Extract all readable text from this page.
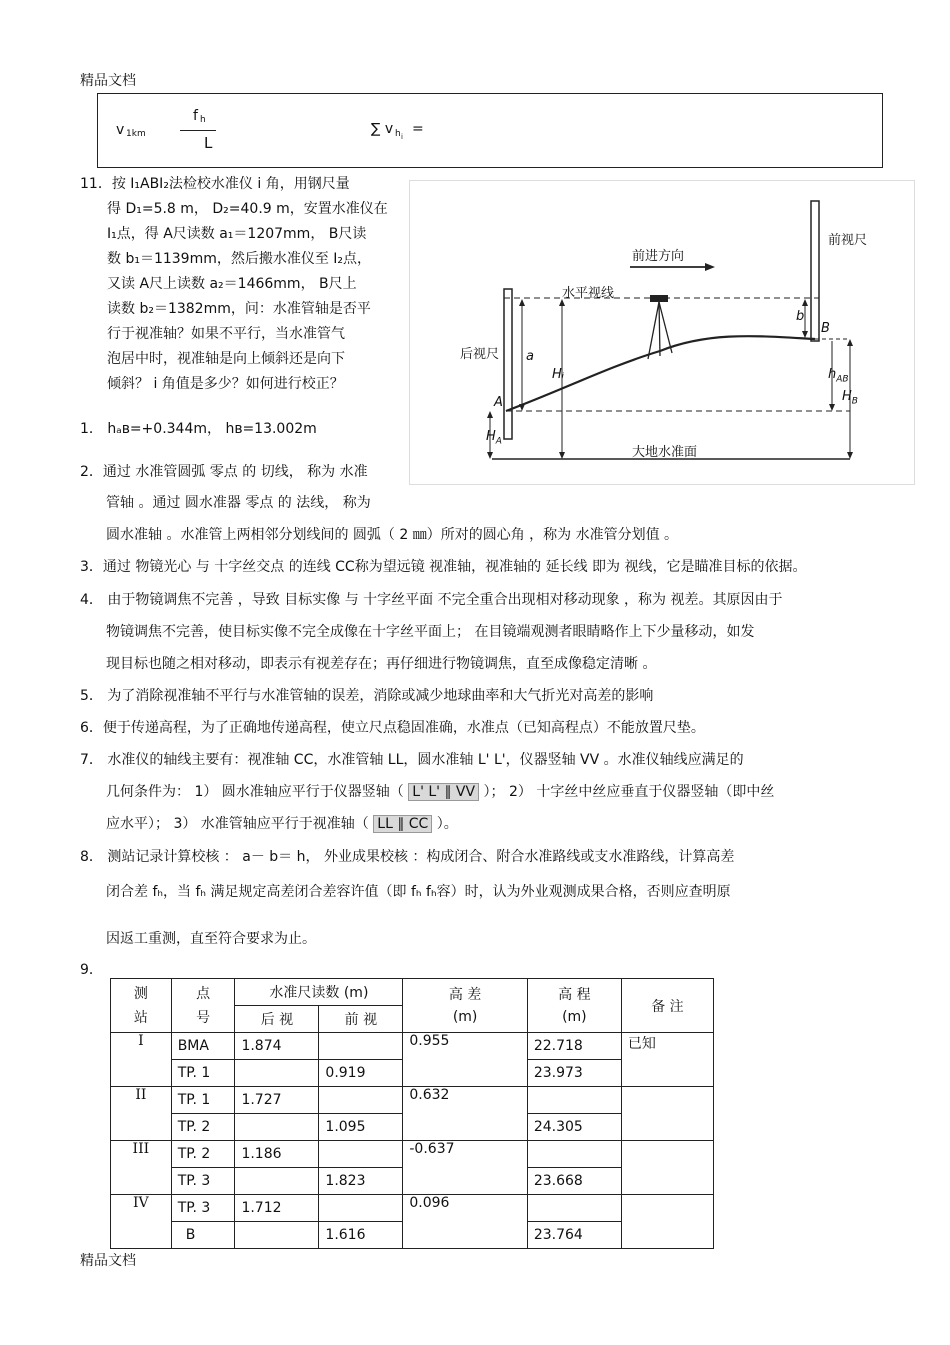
精品文档
v 1km
f h
L
∑ v h i =
11．按 I₁ABI₂法检校水准仪 i 角，用钢尺量
得 D₁=5.8 m， D₂=40.9 m，安置水准仪在
I₁点，得 A尺读数 a₁＝1207mm， B尺读
数 b₁＝1139mm，然后搬水准仪至 I₂点，
又读 A尺上读数 a₂＝1466mm， B尺上
读数 b₂＝1382mm，问：水准管轴是否平
行于视准轴？如果不平行，当水准管气
泡居中时，视准轴是向上倾斜还是向下
倾斜？ i 角值是多少？如何进行校正？
前进方向
水平视线
前视尺
后视尺 a
b
Hᵢ
A
B
$H_A$
$H_B$
$h_{AB}$
大地水准面
1． hₐʙ=+0.344m， hʙ=13.002m
2．通过 水准管圆弧 零点 的 切线， 称为 水准
管轴 。通过 圆水准器 零点 的 法线， 称为
圆水准轴 。水准管上两相邻分划线间的 圆弧（ 2 ㎜）所对的圆心角 ，称为 水准管分划值 。
3．通过 物镜光心 与 十字丝交点 的连线 CC称为望远镜 视准轴，视准轴的 延长线 即为 视线，它是瞄准目标的依据。
4． 由于物镜调焦不完善 ，导致 目标实像 与 十字丝平面 不完全重合出现相对移动现象 ，称为 视差。其原因由于
物镜调焦不完善，使目标实像不完全成像在十字丝平面上； 在目镜端观测者眼睛略作上下少量移动，如发
现目标也随之相对移动，即表示有视差存在；再仔细进行物镜调焦，直至成像稳定清晰 。
5． 为了消除视准轴不平行与水准管轴的误差，消除或减少地球曲率和大气折光对高差的影响
6．便于传递高程，为了正确地传递高程，使立尺点稳固准确，水准点（已知高程点）不能放置尺垫。
7． 水准仪的轴线主要有：视准轴 CC，水准管轴 LL，圆水准轴 L' L'，仪器竖轴 VV 。水准仪轴线应满足的
几何条件为： 1） 圆水准轴应平行于仪器竖轴（ L' L' ∥ VV ）； 2） 十字丝中丝应垂直于仪器竖轴（即中丝
应水平）； 3） 水准管轴应平行于视准轴（ LL ∥ CC ）。
8． 测站记录计算校核 ： a－ b＝ h， 外业成果校核 ：构成闭合、附合水准路线或支水准路线，计算高差
闭合差 fₕ，当 fₕ 满足规定高差闭合差容许值（即 fₕ fₕ容）时，认为外业观测成果合格，否则应查明原
因返工重测，直至符合要求为止。
9．
测
站	点
号	水准尺读数 (m)		高 差
(m)	高 程
(m)	备 注
		后 视	前 视			
I	BMA	1.874		0.955	22.718	已知
	TP. 1		0.919		23.973	
II	TP. 1	1.727		0.632		
	TP. 2		1.095		24.305	
III	TP. 2	1.186		-0.637		
	TP. 3		1.823		23.668	
IV	TP. 3	1.712		0.096		
	B		1.616		23.764	
精品文档
